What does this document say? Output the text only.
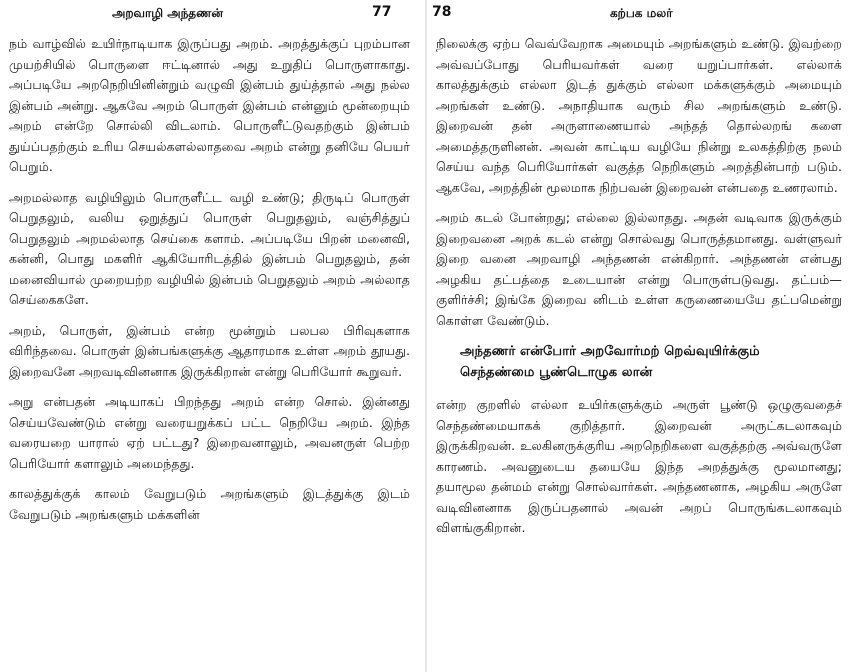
அறவாழி அந்தணன்	77

நம் வாழ்வில் உயிர்நாடியாக இருப்பது அறம். அறத்துக்குப் புறம்பான முயற்சியில் பொருளை ஈட்டினால் அது உறுதிப் பொருளாகாது. அப்படியே அறநெறியினின்றும் வழுவி இன்பம் துய்த்தால் அது நல்ல இன்பம் அன்று. ஆகவே அறம் பொருள் இன்பம் என்னும் மூன்றையும் அறம் என்றே சொல்லி விடலாம். பொருளீட்டுவதற்கும் இன்பம் துய்ப்பதற்கும் உரிய செயல்களல்லாதவை அறம் என்று தனியே பெயர் பெறும்.

அறமல்லாத வழியிலும் பொருளீட்ட வழி உண்டு; திருடிப் பொருள் பெறுதலும், வலிய ஒறுத்துப் பொருள் பெறுதலும், வஞ்சித்துப் பெறுதலும் அறமல்லாத செய்கை களாம். அப்படியே பிறன் மனைவி, கன்னி, பொது மகளிர் ஆகியோரிடத்தில் இன்பம் பெறுதலும், தன் மனைவியால் முறையற்ற வழியில் இன்பம் பெறுதலும் அறம் அல்லாத செய்கைகளே.

அறம், பொருள், இன்பம் என்ற மூன்றும் பலபல பிரிவுகளாக விரிந்தவை. பொருள் இன்பங்களுக்கு ஆதாரமாக உள்ள அறம் தூயது. இறைவனே அறவடிவினனாக இருக்கிறான் என்று பெரியோர் கூறுவர்.

அறு என்பதன் அடியாகப் பிறந்தது அறம் என்ற சொல். இன்னது செய்யவேண்டும் என்று வரையறுக்கப் பட்ட நெறியே அறம். இந்த வரையறை யாரால் ஏற் பட்டது? இறைவனாலும், அவனருள் பெற்ற பெரியோர் களாலும் அமைந்தது.

காலத்துக்குக் காலம் வேறுபடும் அறங்களும் இடத்துக்கு இடம் வேறுபடும் அறங்களும் மக்களின்

78	கற்பக மலர்

நிலைக்கு ஏற்ப வெவ்வேறாக அமையும் அறங்களும் உண்டு. இவற்றை அவ்வப்போது பெரியவர்கள் வரை யறுப்பார்கள். எல்லாக் காலத்துக்கும் எல்லா இடத் துக்கும் எல்லா மக்களுக்கும் அமையும் அறங்கள் உண்டு. அநாதியாக வரும் சில அறங்களும் உண்டு. இறைவன் தன் அருளாணையால் அந்தத் தொல்லறங் களை அமைத்தருளினன். அவன் காட்டிய வழியே நின்று உலகத்திற்கு நலம் செய்ய வந்த பெரியோர்கள் வகுத்த நெறிகளும் அறத்தின்பாற் படும். ஆகவே, அறத்தின் மூலமாக நிற்பவன் இறைவன் என்பதை உணரலாம்.

அறம் கடல் போன்றது; எல்லை இல்லாதது. அதன் வடிவாக இருக்கும் இறைவனை அறக் கடல் என்று சொல்வது பொருத்தமானது. வள்ளுவர் இறை வனை அறவாழி அந்தணன் என்கிறார். அந்தணன் என்பது அழகிய தட்பத்தை உடையான் என்று பொருள்படுவது. தட்பம்—குளிர்ச்சி; இங்கே இறைவ னிடம் உள்ள கருணையையே தட்பமென்று கொள்ள வேண்டும்.

அந்தணர் என்போர் அறவோர்மற் றெவ்வுயிர்க்கும்
செந்தண்மை பூண்டொழுக லான்

என்ற குறளில் எல்லா உயிர்களுக்கும் அருள் பூண்டு ஒழுகுவதைச் செந்தண்மையாகக் குறித்தார். இறைவன் அருட்கடலாகவும் இருக்கிறவன். உலகினருக்குரிய அறநெறிகளை வகுத்தற்கு அவ்வருளே காரணம். அவனுடைய தயையே இந்த அறத்துக்கு மூலமானது; தயாமூல தன்மம் என்று சொல்வார்கள். அந்தணனாக, அழகிய அருளே வடிவினனாக இருப்பதனால் அவன் அறப் பொருங்கடலாகவும் விளங்குகிறான்.
